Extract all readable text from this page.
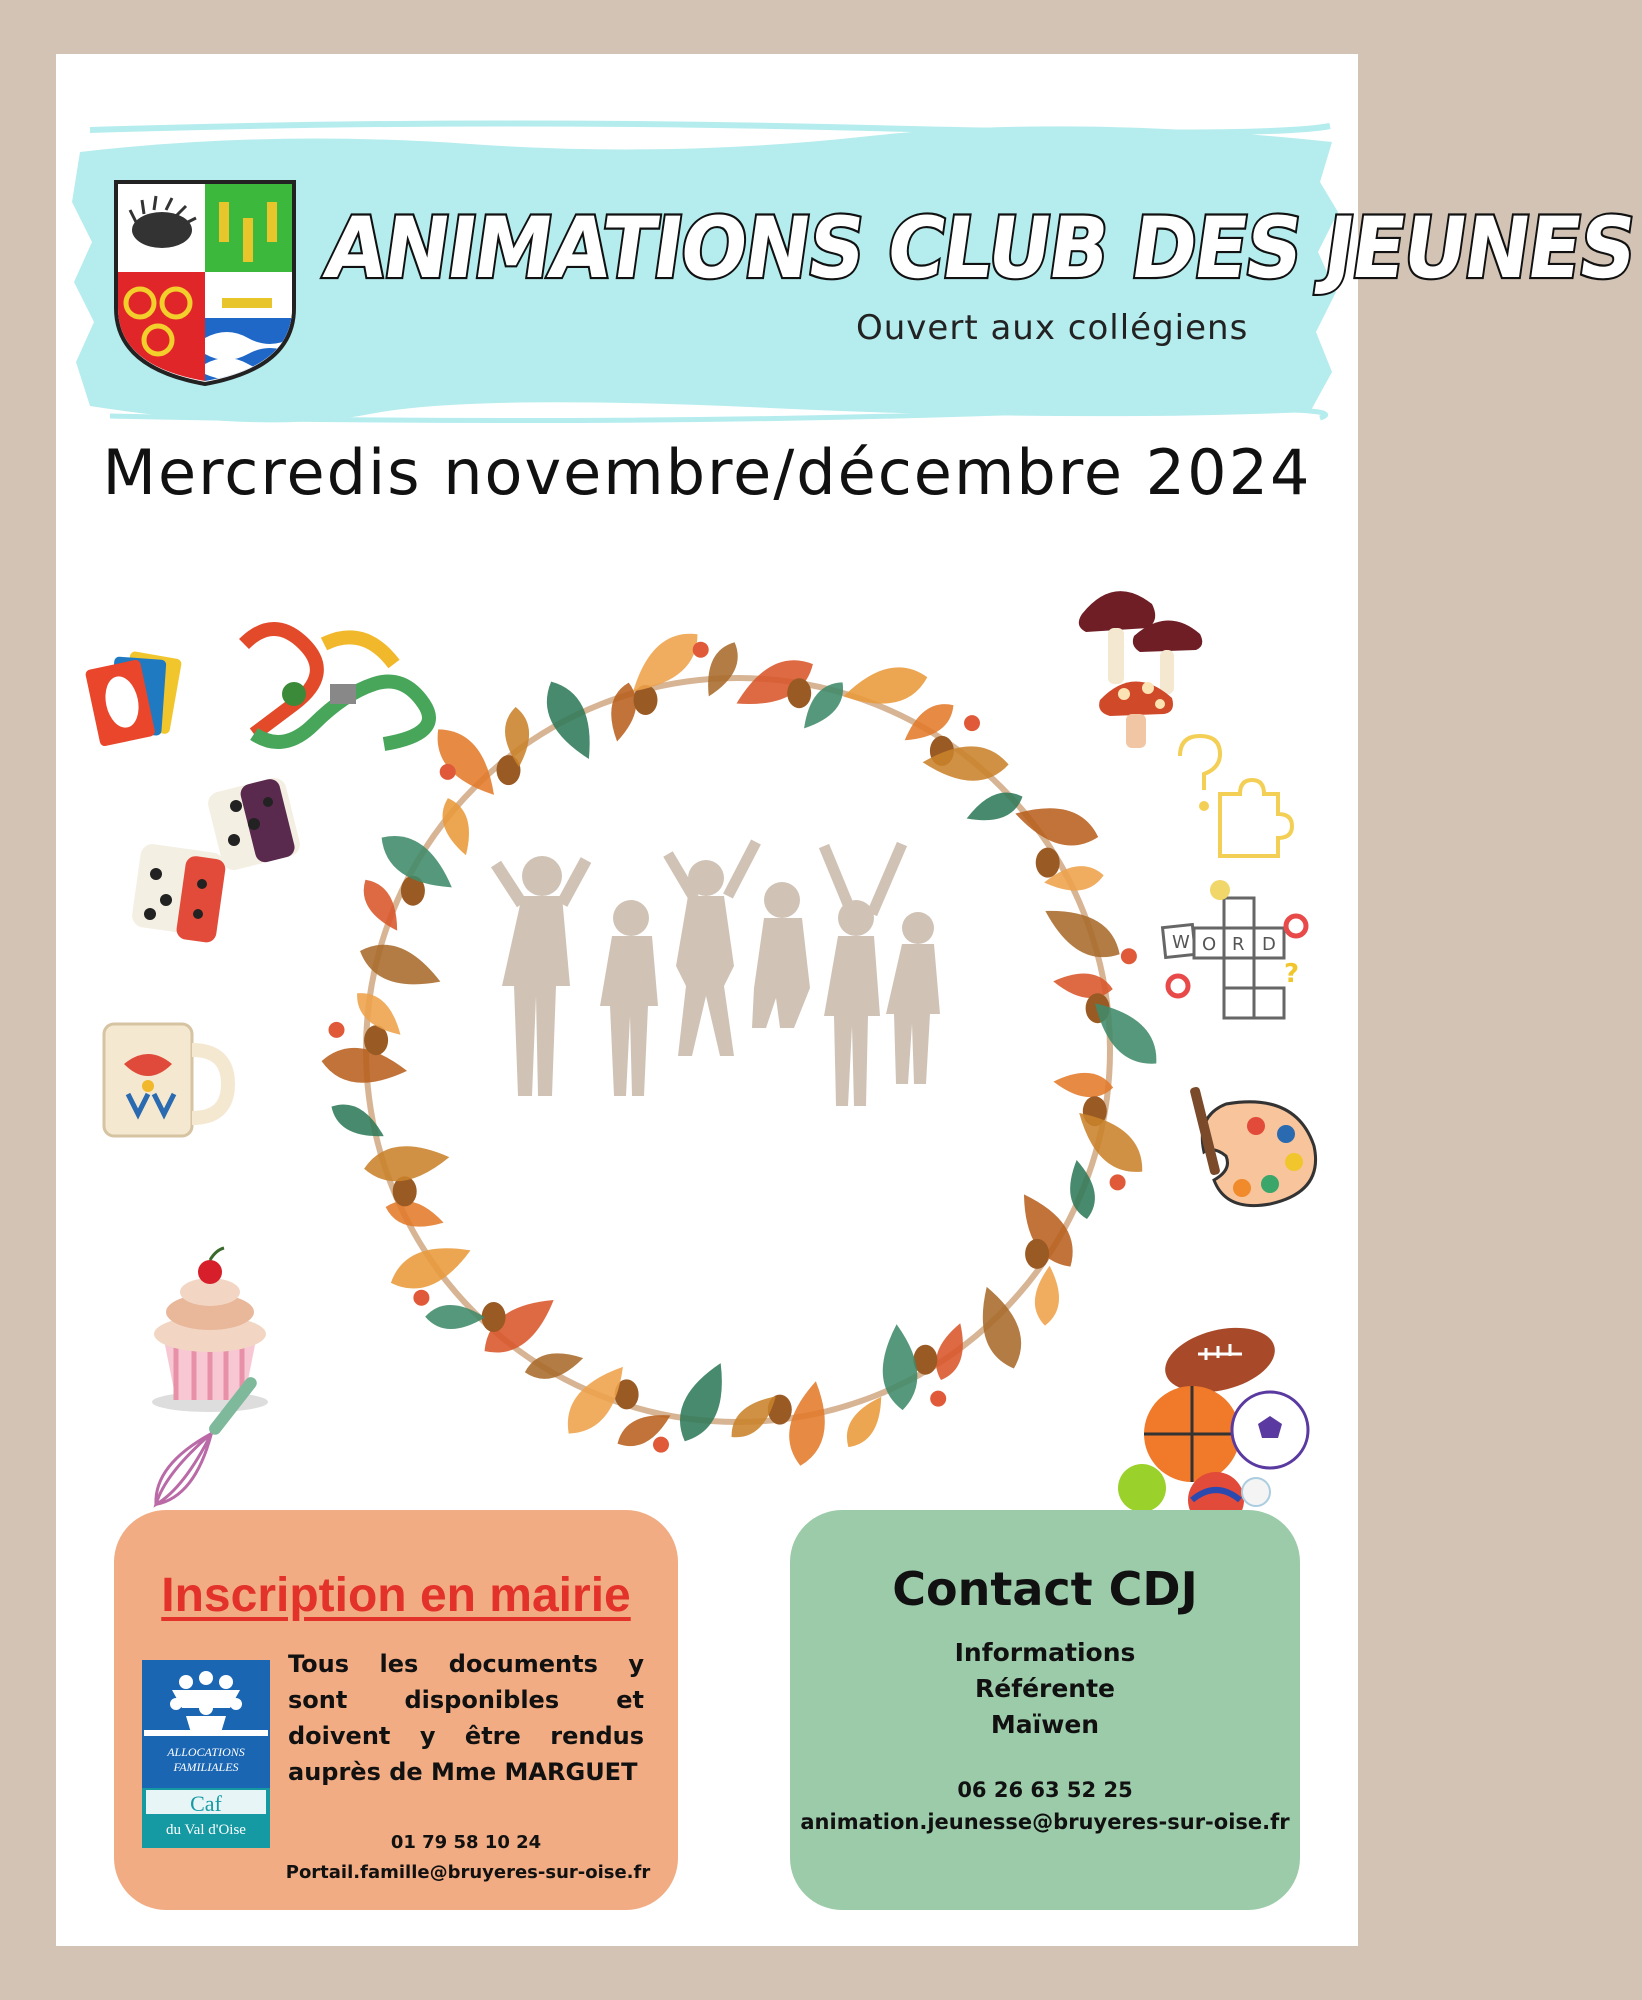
ANIMATIONS CLUB DES JEUNES
Ouvert aux collégiens
Mercredis novembre/décembre 2024
W O R D
?
Inscription en mairie
ALLOCATIONS
FAMILIALES
Caf
du Val d'Oise
Tous les documents y sont disponibles et doivent y être rendus auprès de Mme MARGUET
01 79 58 10 24
Portail.famille@bruyeres-sur-oise.fr
Contact CDJ
Informations
Référente
Maïwen
06 26 63 52 25
animation.jeunesse@bruyeres-sur-oise.fr
